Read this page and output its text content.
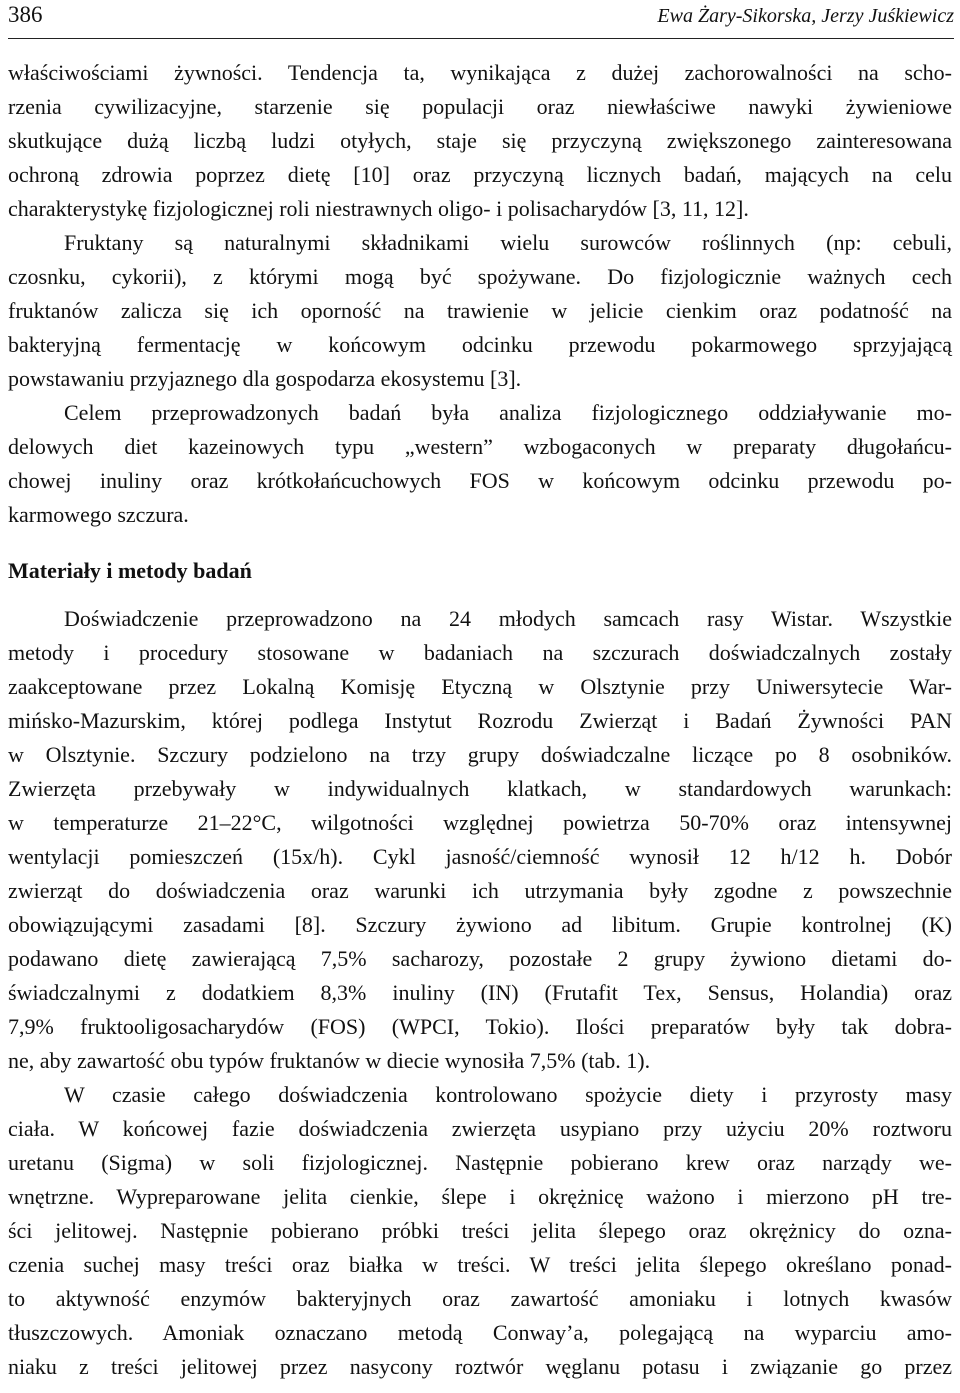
386	Ewa Żary-Sikorska, Jerzy Juśkiewicz
właściwościami żywności. Tendencja ta, wynikająca z dużej zachorowalności na scho-
rzenia cywilizacyjne, starzenie się populacji oraz niewłaściwe nawyki żywieniowe
skutkujące dużą liczbą ludzi otyłych, staje się przyczyną zwiększonego zainteresowana
ochroną zdrowia poprzez dietę [10] oraz przyczyną licznych badań, mających na celu
charakterystykę fizjologicznej roli niestrawnych oligo- i polisacharydów [3, 11, 12].
Fruktany są naturalnymi składnikami wielu surowców roślinnych (np: cebuli,
czosnku, cykorii), z którymi mogą być spożywane. Do fizjologicznie ważnych cech
fruktanów zalicza się ich oporność na trawienie w jelicie cienkim oraz podatność na
bakteryjną fermentację w końcowym odcinku przewodu pokarmowego sprzyjającą
powstawaniu przyjaznego dla gospodarza ekosystemu [3].
Celem przeprowadzonych badań była analiza fizjologicznego oddziaływanie mo-
delowych diet kazeinowych typu „western” wzbogaconych w preparaty długołańcu-
chowej inuliny oraz krótkołańcuchowych FOS w końcowym odcinku przewodu po-
karmowego szczura.
Materiały i metody badań
Doświadczenie przeprowadzono na 24 młodych samcach rasy Wistar. Wszystkie
metody i procedury stosowane w badaniach na szczurach doświadczalnych zostały
zaakceptowane przez Lokalną Komisję Etyczną w Olsztynie przy Uniwersytecie War-
mińsko-Mazurskim, której podlega Instytut Rozrodu Zwierząt i Badań Żywności PAN
w Olsztynie. Szczury podzielono na trzy grupy doświadczalne liczące po 8 osobników.
Zwierzęta przebywały w indywidualnych klatkach, w standardowych warunkach:
w temperaturze 21–22°C, wilgotności względnej powietrza 50-70% oraz intensywnej
wentylacji pomieszczeń (15x/h). Cykl jasność/ciemność wynosił 12 h/12 h. Dobór
zwierząt do doświadczenia oraz warunki ich utrzymania były zgodne z powszechnie
obowiązującymi zasadami [8]. Szczury żywiono ad libitum. Grupie kontrolnej (K)
podawano dietę zawierającą 7,5% sacharozy, pozostałe 2 grupy żywiono dietami do-
świadczalnymi z dodatkiem 8,3% inuliny (IN) (Frutafit Tex, Sensus, Holandia) oraz
7,9% fruktooligosacharydów (FOS) (WPCI, Tokio). Ilości preparatów były tak dobra-
ne, aby zawartość obu typów fruktanów w diecie wynosiła 7,5% (tab. 1).
W czasie całego doświadczenia kontrolowano spożycie diety i przyrosty masy
ciała. W końcowej fazie doświadczenia zwierzęta usypiano przy użyciu 20% roztworu
uretanu (Sigma) w soli fizjologicznej. Następnie pobierano krew oraz narządy we-
wnętrzne. Wypreparowane jelita cienkie, ślepe i okrężnicę ważono i mierzono pH tre-
ści jelitowej. Następnie pobierano próbki treści jelita ślepego oraz okrężnicy do ozna-
czenia suchej masy treści oraz białka w treści. W treści jelita ślepego określano ponad-
to aktywność enzymów bakteryjnych oraz zawartość amoniaku i lotnych kwasów
tłuszczowych. Amoniak oznaczano metodą Conway’a, polegającą na wyparciu amo-
niaku z treści jelitowej przez nasycony roztwór węglanu potasu i związanie go przez
